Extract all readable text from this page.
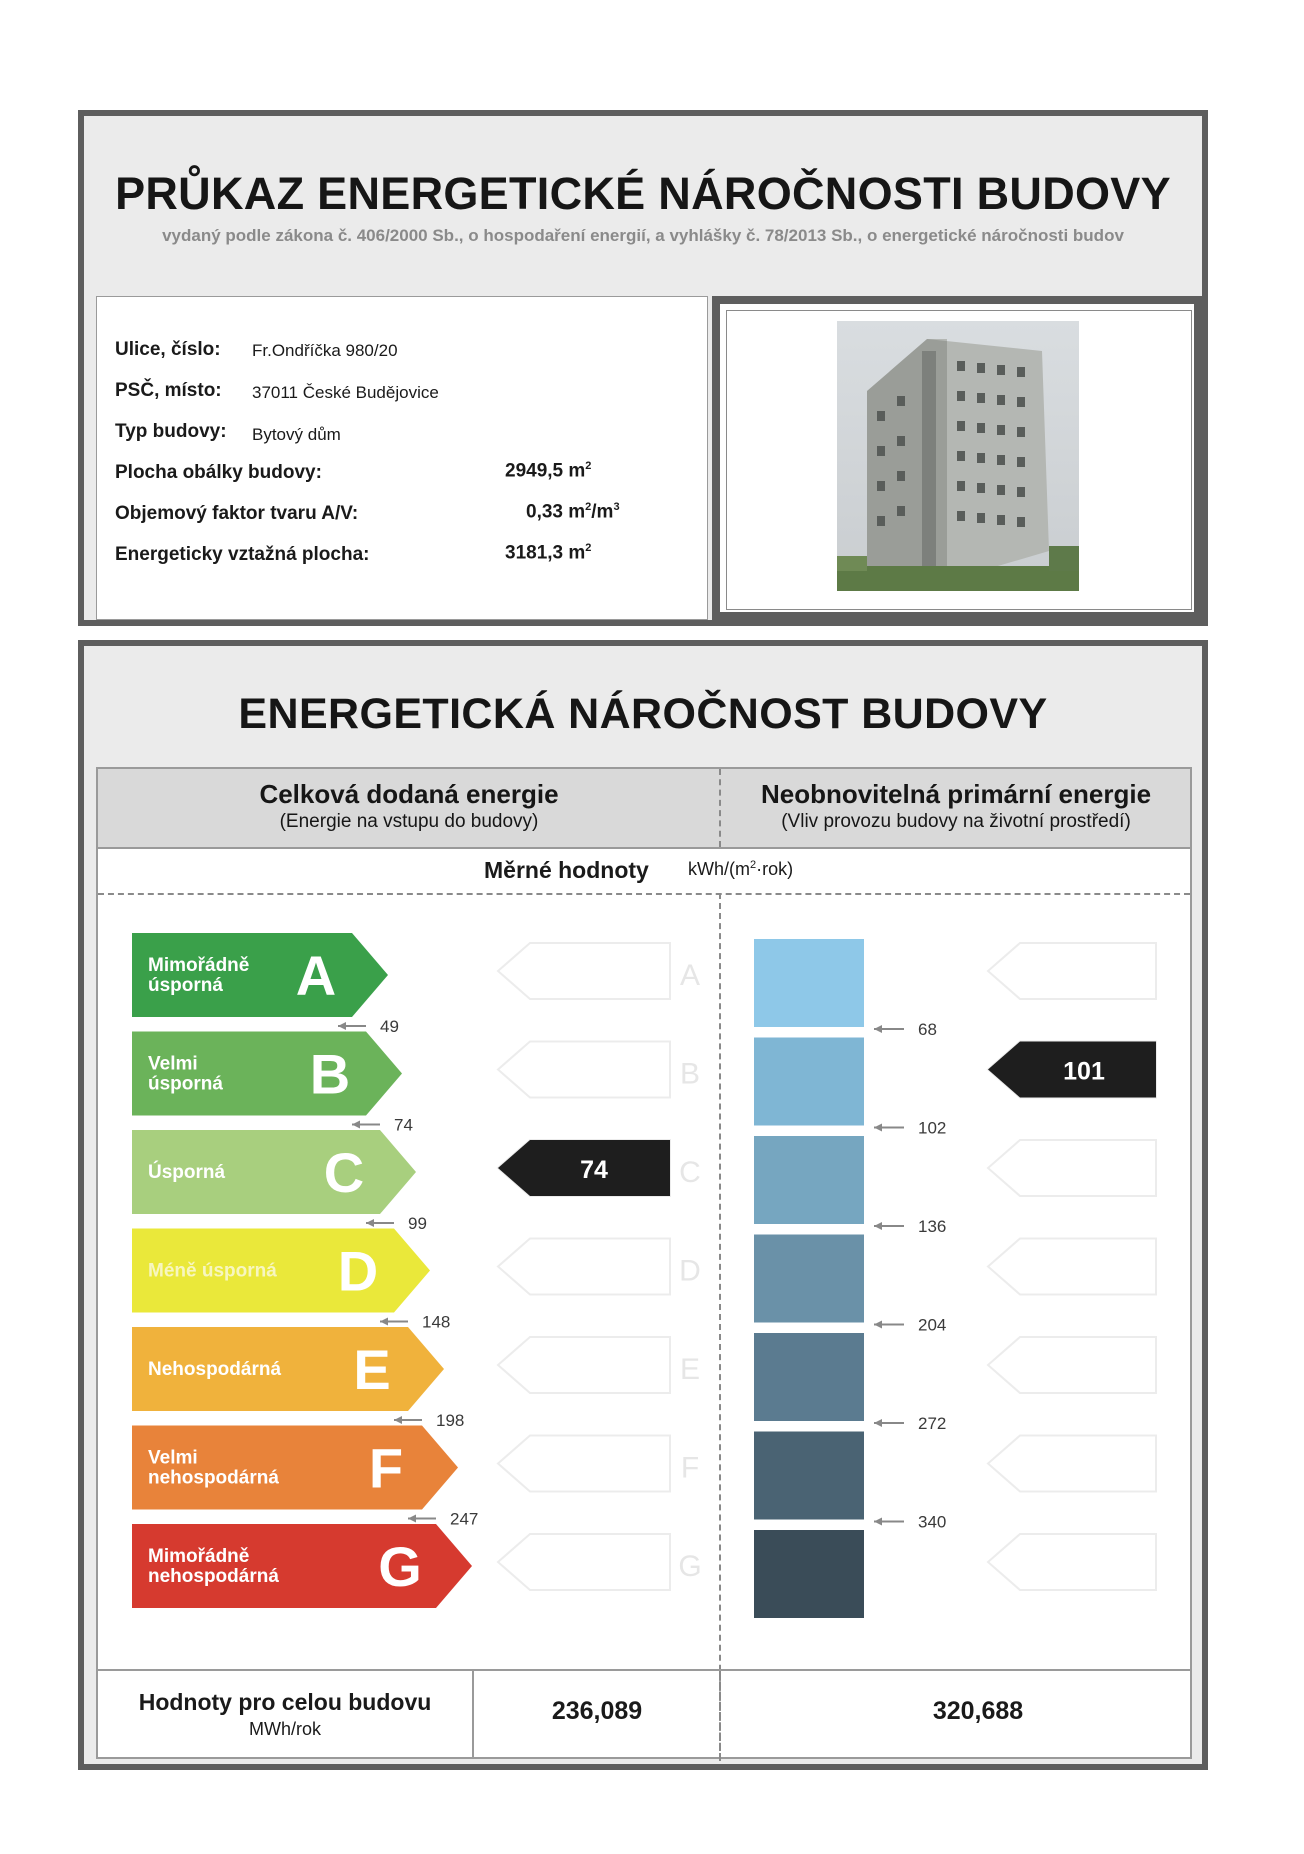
PRŮKAZ ENERGETICKÉ NÁROČNOSTI BUDOVY
vydaný podle zákona č. 406/2000 Sb., o hospodaření energií, a vyhlášky č. 78/2013 Sb., o energetické náročnosti budov
Ulice, číslo: Fr.Ondříčka 980/20
PSČ, místo: 37011 České Budějovice
Typ budovy: Bytový dům
Plocha obálky budovy:	2949,5 $m^2$
Objemový faktor tvaru A/V:	0,33 $m^2/m^3$
Energeticky vztažná plocha:	3181,3 $m^2$
ENERGETICKÁ NÁROČNOST BUDOVY
Celková dodaná energie
(Energie na vstupu do budovy)
Neobnovitelná primární energie
(Vliv provozu budovy na životní prostředí)
Měrné hodnoty kWh/$(m^2\cdot rok)$
Mimořádně
úsporná A	A
Velmi
úsporná B	B
Úsporná C	C
Méně úsporná D	D
Nehospodárná E	E
Velmi
nehospodárná F	F
Mimořádně
nehospodárná G	G
49
74
99
148
198
247
74
68
102
136
204
272
340
101
Hodnoty pro celou budovu
MWh/rok
236,089	320,688
